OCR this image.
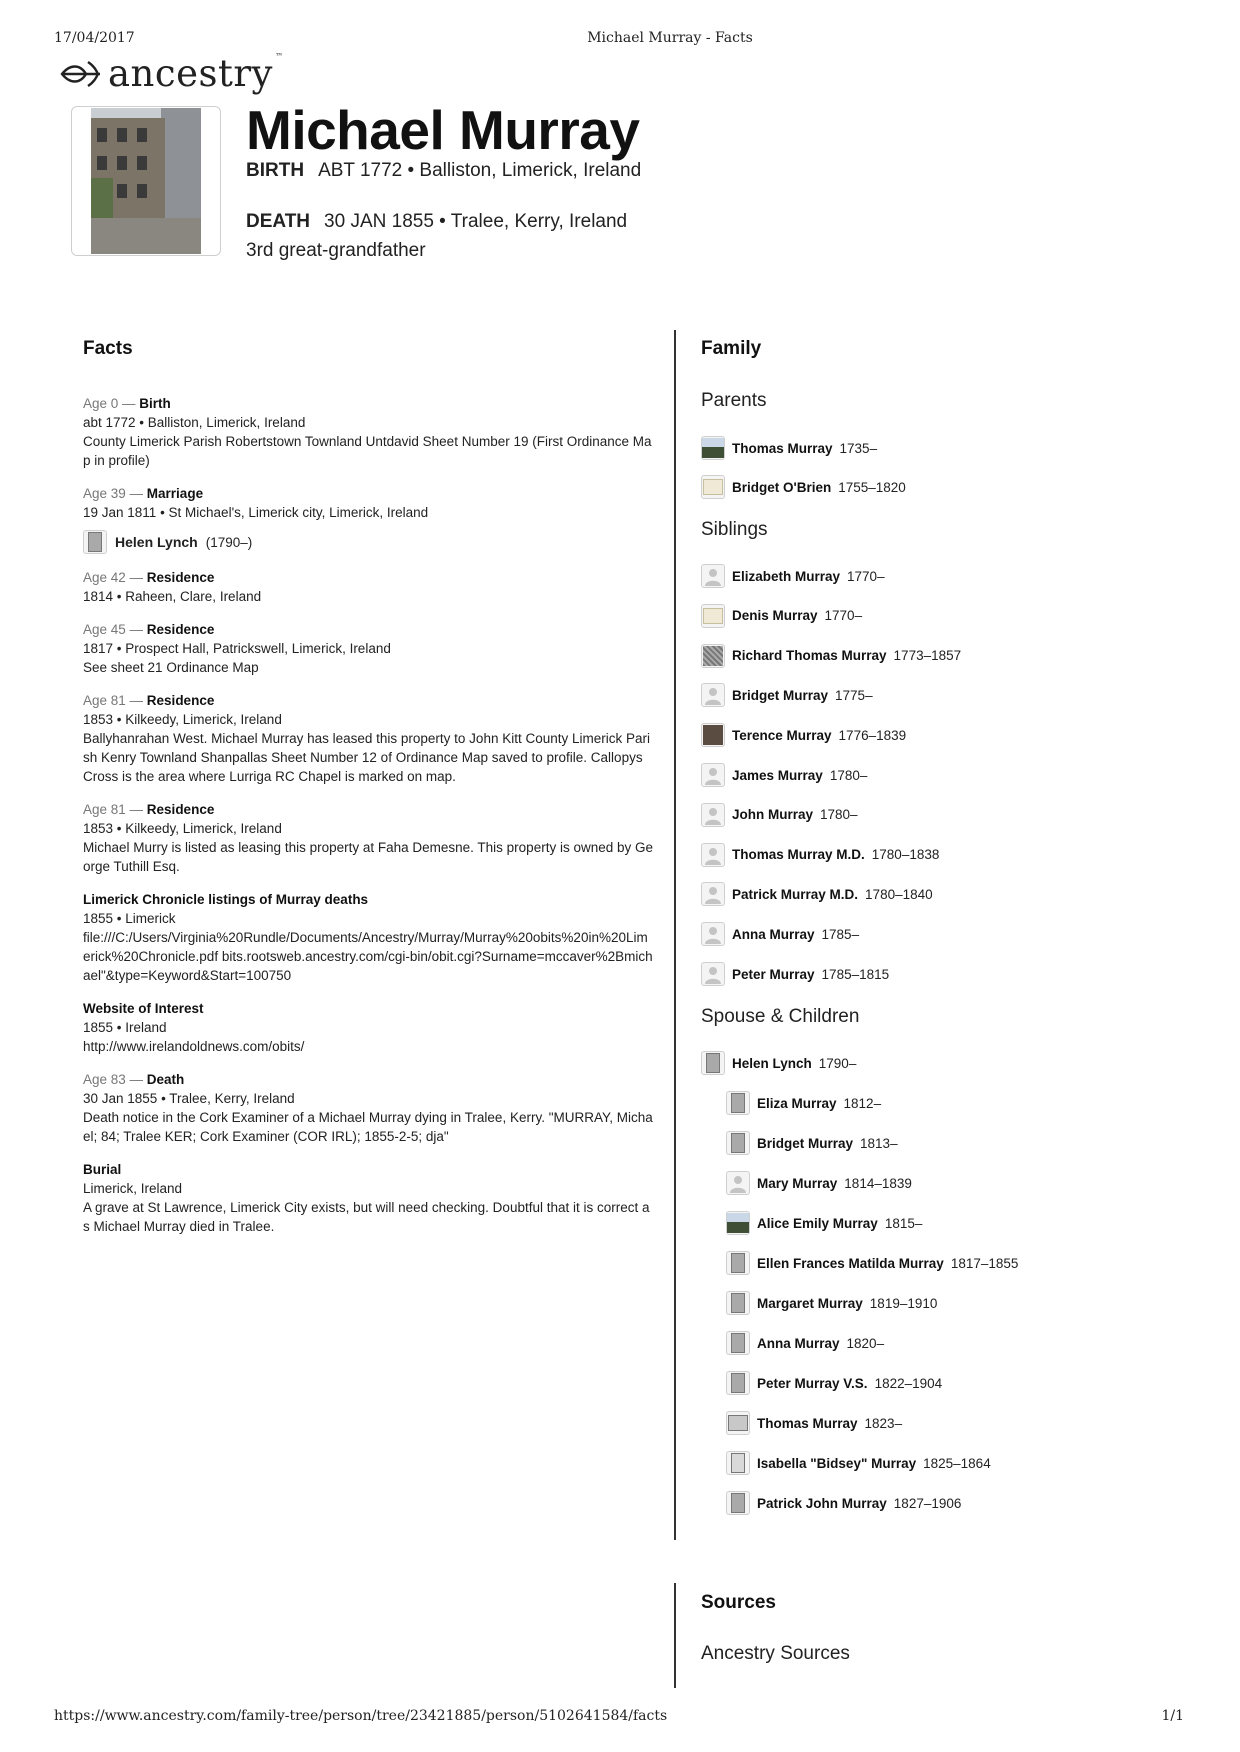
17/04/2017	Michael Murray - Facts
https://www.ancestry.com/family-tree/person/tree/23421885/person/5102641584/facts	1/1
ancestry ™
Michael Murray
BIRTH ABT 1772 • Balliston, Limerick, Ireland
DEATH 30 JAN 1855 • Tralee, Kerry, Ireland
3rd great-grandfather
Facts
Age 0 — Birth
abt 1772 • Balliston, Limerick, Ireland
County Limerick Parish Robertstown Townland Untdavid Sheet Number 19 (First Ordinance Map in profile)
Age 39 — Marriage
19 Jan 1811 • St Michael's, Limerick city, Limerick, Ireland
Helen Lynch (1790–)
Age 42 — Residence
1814 • Raheen, Clare, Ireland
Age 45 — Residence
1817 • Prospect Hall, Patrickswell, Limerick, Ireland
See sheet 21 Ordinance Map
Age 81 — Residence
1853 • Kilkeedy, Limerick, Ireland
Ballyhanrahan West. Michael Murray has leased this property to John Kitt County Limerick Parish Kenry Townland Shanpallas Sheet Number 12 of Ordinance Map saved to profile. Callopys Cross is the area where Lurriga RC Chapel is marked on map.
Age 81 — Residence
1853 • Kilkeedy, Limerick, Ireland
Michael Murry is listed as leasing this property at Faha Demesne. This property is owned by George Tuthill Esq.
Limerick Chronicle listings of Murray deaths
1855 • Limerick
file:///C:/Users/Virginia%20Rundle/Documents/Ancestry/Murray/Murray%20obits%20in%20Limerick%20Chronicle.pdf bits.rootsweb.ancestry.com/cgi-bin/obit.cgi?Surname=mccaver%2Bmichael"&type=Keyword&Start=100750
Website of Interest
1855 • Ireland
http://www.irelandoldnews.com/obits/
Age 83 — Death
30 Jan 1855 • Tralee, Kerry, Ireland
Death notice in the Cork Examiner of a Michael Murray dying in Tralee, Kerry. "MURRAY, Michael; 84; Tralee KER; Cork Examiner (COR IRL); 1855-2-5; dja"
Burial
Limerick, Ireland
A grave at St Lawrence, Limerick City exists, but will need checking. Doubtful that it is correct as Michael Murray died in Tralee.
Family
Parents
Siblings
Spouse & Children
Thomas Murray 1735–
Bridget O'Brien 1755–1820
Elizabeth Murray 1770–
Denis Murray 1770–
Richard Thomas Murray 1773–1857
Bridget Murray 1775–
Terence Murray 1776–1839
James Murray 1780–
John Murray 1780–
Thomas Murray M.D. 1780–1838
Patrick Murray M.D. 1780–1840
Anna Murray 1785–
Peter Murray 1785–1815
Helen Lynch 1790–
Eliza Murray 1812–
Bridget Murray 1813–
Mary Murray 1814–1839
Alice Emily Murray 1815–
Ellen Frances Matilda Murray 1817–1855
Margaret Murray 1819–1910
Anna Murray 1820–
Peter Murray V.S. 1822–1904
Thomas Murray 1823–
Isabella "Bidsey" Murray 1825–1864
Patrick John Murray 1827–1906
Sources
Ancestry Sources
